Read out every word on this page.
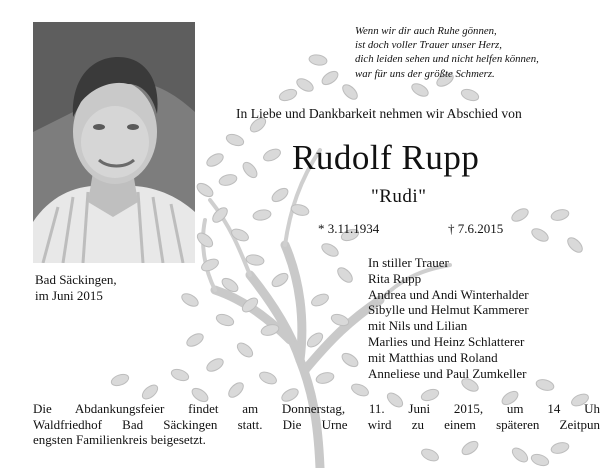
Wenn wir dir auch Ruhe gönnen,
ist doch voller Trauer unser Herz,
dich leiden sehen und nicht helfen können,
war für uns der größte Schmerz.
In Liebe und Dankbarkeit nehmen wir Abschied von
Rudolf Rupp
"Rudi"
* 3.11.1934	† 7.6.2015
Bad Säckingen,
im Juni 2015
In stiller Trauer
Rita Rupp
Andrea und Andi Winterhalder
Sibylle und Helmut Kammerer
mit Nils und Lilian
Marlies und Heinz Schlatterer
mit Matthias und Roland
Anneliese und Paul Zumkeller
Die Abdankungsfeier findet am Donnerstag, 11. Juni 2015, um 14 Uh
Waldfriedhof Bad Säckingen statt. Die Urne wird zu einem späteren Zeitpun
engsten Familienkreis beigesetzt.
